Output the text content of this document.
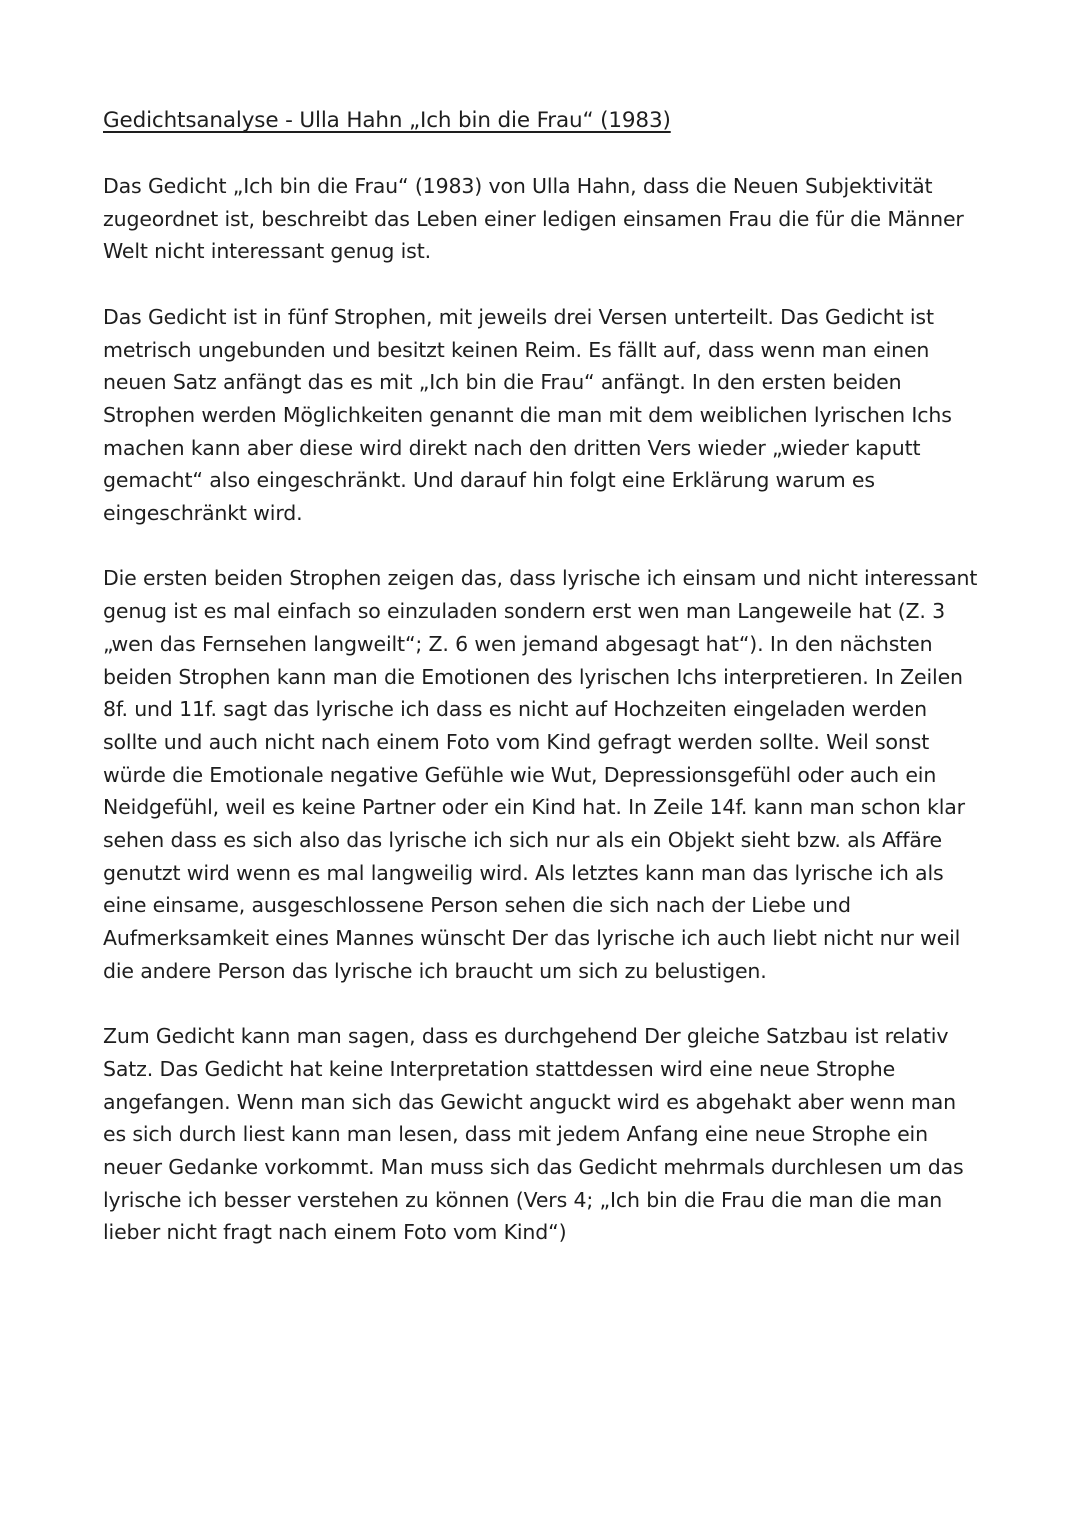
Gedichtsanalyse - Ulla Hahn „Ich bin die Frau“ (1983)

Das Gedicht „Ich bin die Frau“ (1983) von Ulla Hahn, dass die Neuen Subjektivität zugeordnet ist, beschreibt das Leben einer ledigen einsamen Frau die für die Männer Welt nicht interessant genug ist.

Das Gedicht ist in fünf Strophen, mit jeweils drei Versen unterteilt. Das Gedicht ist metrisch ungebunden und besitzt keinen Reim. Es fällt auf, dass wenn man einen neuen Satz anfängt das es mit „Ich bin die Frau“ anfängt. In den ersten beiden Strophen werden Möglichkeiten genannt die man mit dem weiblichen lyrischen Ichs machen kann aber diese wird direkt nach den dritten Vers wieder „wieder kaputt gemacht“ also eingeschränkt. Und darauf hin folgt eine Erklärung warum es eingeschränkt wird.

Die ersten beiden Strophen zeigen das, dass lyrische ich einsam und nicht interessant genug ist es mal einfach so einzuladen sondern erst wen man Langeweile hat (Z. 3 „wen das Fernsehen langweilt“; Z. 6 wen jemand abgesagt hat“). In den nächsten beiden Strophen kann man die Emotionen des lyrischen Ichs interpretieren. In Zeilen 8f. und 11f. sagt das lyrische ich dass es nicht auf Hochzeiten eingeladen werden sollte und auch nicht nach einem Foto vom Kind gefragt werden sollte. Weil sonst würde die Emotionale negative Gefühle wie Wut, Depressionsgefühl oder auch ein Neidgefühl, weil es keine Partner oder ein Kind hat. In Zeile 14f. kann man schon klar sehen dass es sich also das lyrische ich sich nur als ein Objekt sieht bzw. als Affäre genutzt wird wenn es mal langweilig wird. Als letztes kann man das lyrische ich als eine einsame, ausgeschlossene Person sehen die sich nach der Liebe und Aufmerksamkeit eines Mannes wünscht Der das lyrische ich auch liebt nicht nur weil die andere Person das lyrische ich braucht um sich zu belustigen.

Zum Gedicht kann man sagen, dass es durchgehend Der gleiche Satzbau ist relativ Satz. Das Gedicht hat keine Interpretation stattdessen wird eine neue Strophe angefangen. Wenn man sich das Gewicht anguckt wird es abgehakt aber wenn man es sich durch liest kann man lesen, dass mit jedem Anfang eine neue Strophe ein neuer Gedanke vorkommt. Man muss sich das Gedicht mehrmals durchlesen um das lyrische ich besser verstehen zu können (Vers 4; „Ich bin die Frau die man die man lieber nicht fragt nach einem Foto vom Kind“)
